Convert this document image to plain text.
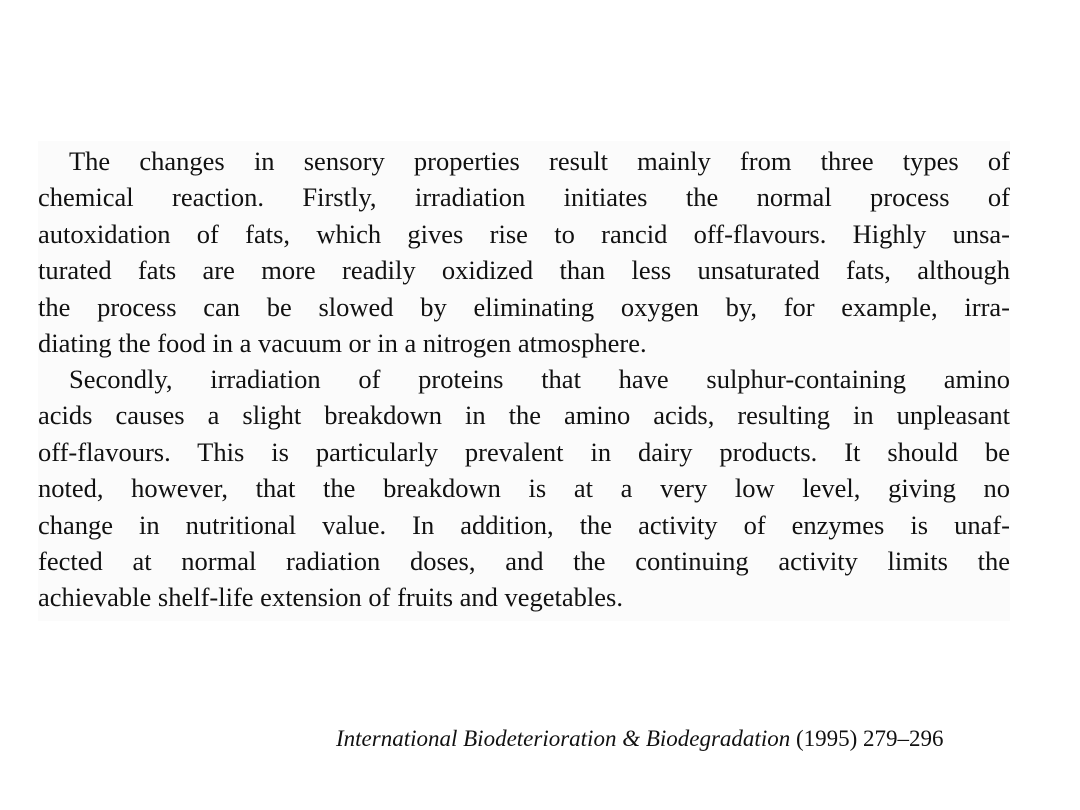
The changes in sensory properties result mainly from three types of
chemical reaction. Firstly, irradiation initiates the normal process of
autoxidation of fats, which gives rise to rancid off-flavours. Highly unsa-
turated fats are more readily oxidized than less unsaturated fats, although
the process can be slowed by eliminating oxygen by, for example, irra-
diating the food in a vacuum or in a nitrogen atmosphere.
Secondly, irradiation of proteins that have sulphur-containing amino
acids causes a slight breakdown in the amino acids, resulting in unpleasant
off-flavours. This is particularly prevalent in dairy products. It should be
noted, however, that the breakdown is at a very low level, giving no
change in nutritional value. In addition, the activity of enzymes is unaf-
fected at normal radiation doses, and the continuing activity limits the
achievable shelf-life extension of fruits and vegetables.
International Biodeterioration & Biodegradation (1995) 279–296
